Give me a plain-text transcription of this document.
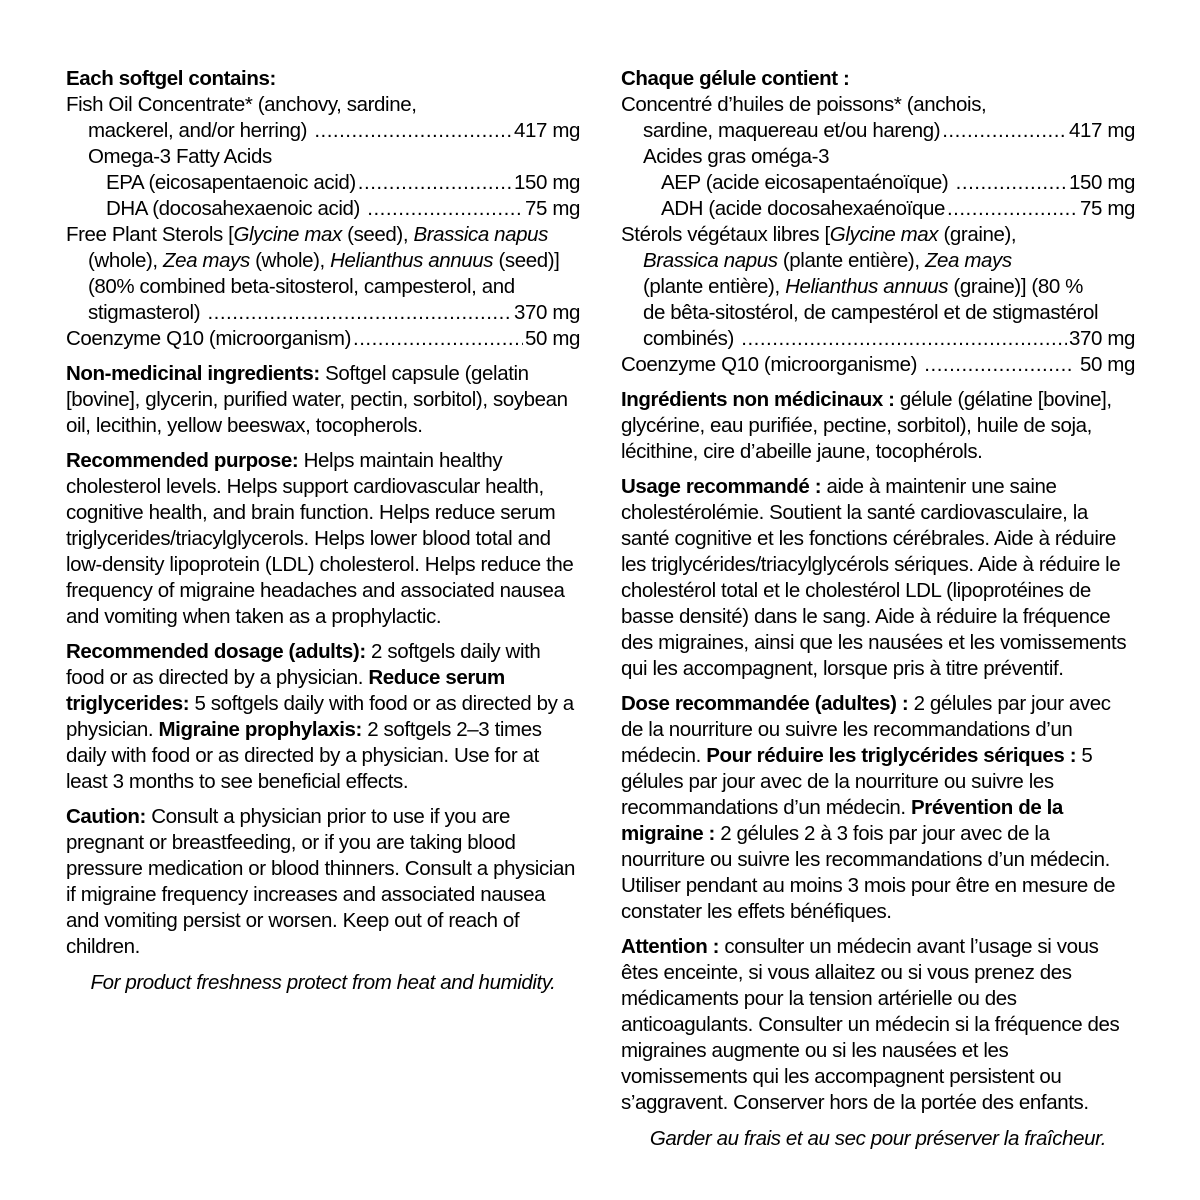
Each softgel contains:
Fish Oil Concentrate* (anchovy, sardine,
mackerel, and/or herring) .....	417 mg
Omega-3 Fatty Acids
EPA (eicosapentaenoic acid) .....	150 mg
DHA (docosahexaenoic acid) .....	75 mg
Free Plant Sterols [Glycine max (seed), Brassica napus
(whole), Zea mays (whole), Helianthus annuus (seed)]
(80% combined beta-sitosterol, campesterol, and
stigmasterol) .....	370 mg
Coenzyme Q10 (microorganism) .....	50 mg

Non-medicinal ingredients: Softgel capsule (gelatin [bovine], glycerin, purified water, pectin, sorbitol), soybean oil, lecithin, yellow beeswax, tocopherols.

Recommended purpose: Helps maintain healthy cholesterol levels. Helps support cardiovascular health, cognitive health, and brain function. Helps reduce serum triglycerides/triacylglycerols. Helps lower blood total and low-density lipoprotein (LDL) cholesterol. Helps reduce the frequency of migraine headaches and associated nausea and vomiting when taken as a prophylactic.

Recommended dosage (adults): 2 softgels daily with food or as directed by a physician. Reduce serum triglycerides: 5 softgels daily with food or as directed by a physician. Migraine prophylaxis: 2 softgels 2–3 times daily with food or as directed by a physician. Use for at least 3 months to see beneficial effects.

Caution: Consult a physician prior to use if you are pregnant or breastfeeding, or if you are taking blood pressure medication or blood thinners. Consult a physician if migraine frequency increases and associated nausea and vomiting persist or worsen. Keep out of reach of children.

For product freshness protect from heat and humidity.

Chaque gélule contient :
Concentré d’huiles de poissons* (anchois,
sardine, maquereau et/ou hareng) .....	417 mg
Acides gras oméga-3
AEP (acide eicosapentaénoïque) .....	150 mg
ADH (acide docosahexaénoïque .....	75 mg
Stérols végétaux libres [Glycine max (graine),
Brassica napus (plante entière), Zea mays
(plante entière), Helianthus annuus (graine)] (80 %
de bêta-sitostérol, de campestérol et de stigmastérol
combinés) .....	370 mg
Coenzyme Q10 (microorganisme) .....	50 mg

Ingrédients non médicinaux : gélule (gélatine [bovine], glycérine, eau purifiée, pectine, sorbitol), huile de soja, lécithine, cire d’abeille jaune, tocophérols.

Usage recommandé : aide à maintenir une saine cholestérolémie. Soutient la santé cardiovasculaire, la santé cognitive et les fonctions cérébrales. Aide à réduire les triglycérides/triacylglycérols sériques. Aide à réduire le cholestérol total et le cholestérol LDL (lipoprotéines de basse densité) dans le sang. Aide à réduire la fréquence des migraines, ainsi que les nausées et les vomissements qui les accompagnent, lorsque pris à titre préventif.

Dose recommandée (adultes) : 2 gélules par jour avec de la nourriture ou suivre les recommandations d’un médecin. Pour réduire les triglycérides sériques : 5 gélules par jour avec de la nourriture ou suivre les recommandations d’un médecin. Prévention de la migraine : 2 gélules 2 à 3 fois par jour avec de la nourriture ou suivre les recommandations d’un médecin. Utiliser pendant au moins 3 mois pour être en mesure de constater les effets bénéfiques.

Attention : consulter un médecin avant l’usage si vous êtes enceinte, si vous allaitez ou si vous prenez des médicaments pour la tension artérielle ou des anticoagulants. Consulter un médecin si la fréquence des migraines augmente ou si les nausées et les vomissements qui les accompagnent persistent ou s’aggravent. Conserver hors de la portée des enfants.

Garder au frais et au sec pour préserver la fraîcheur.
